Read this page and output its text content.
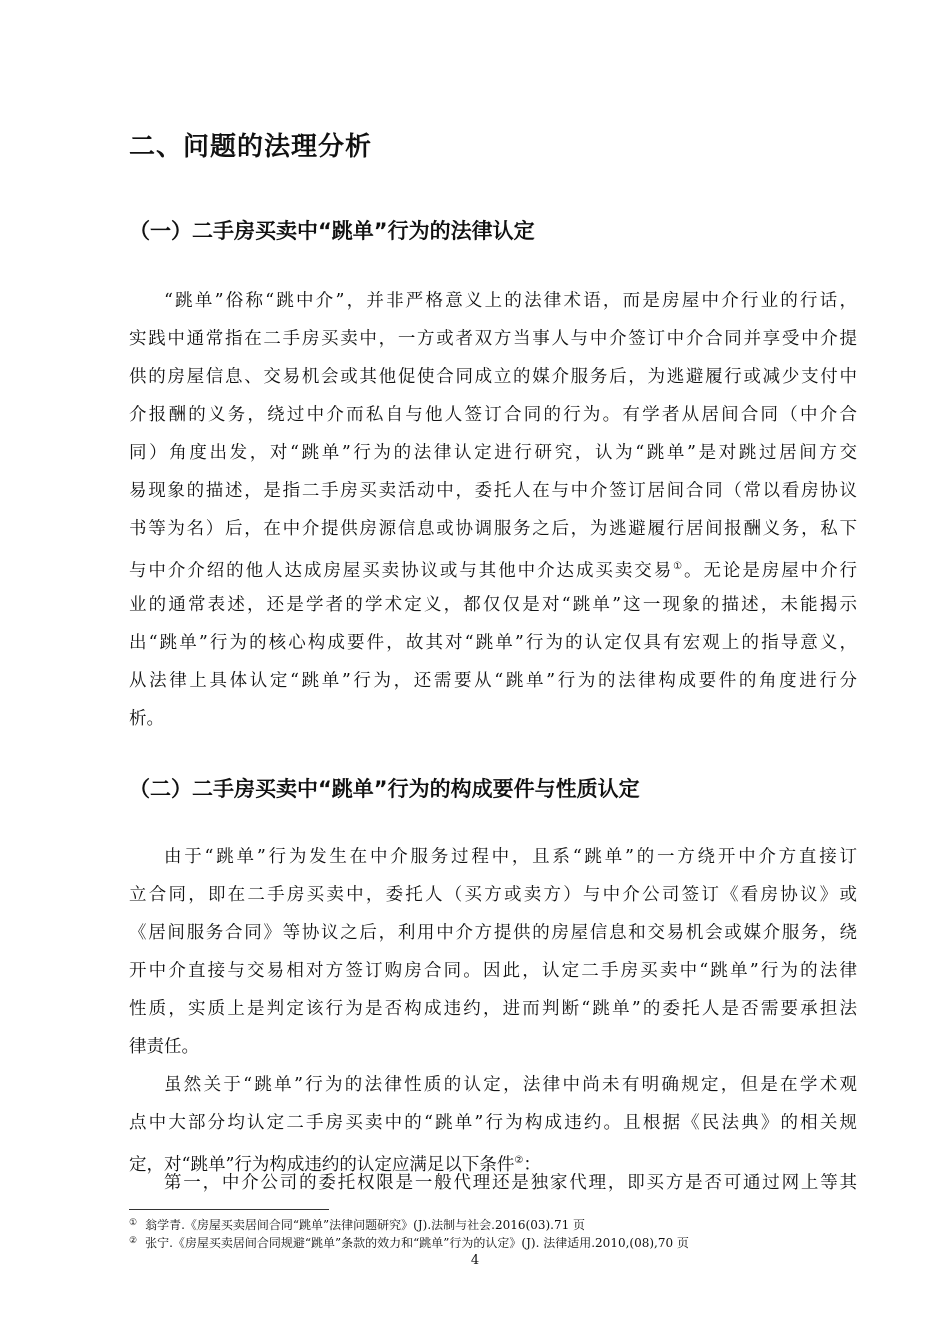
二、问题的法理分析
（一）二手房买卖中“跳单”行为的法律认定
“跳单”俗称“跳中介”，并非严格意义上的法律术语，而是房屋中介行业的行话，
实践中通常指在二手房买卖中，一方或者双方当事人与中介签订中介合同并享受中介提
供的房屋信息、交易机会或其他促使合同成立的媒介服务后，为逃避履行或减少支付中
介报酬的义务，绕过中介而私自与他人签订合同的行为。有学者从居间合同（中介合
同）角度出发，对“跳单”行为的法律认定进行研究，认为“跳单”是对跳过居间方交
易现象的描述，是指二手房买卖活动中，委托人在与中介签订居间合同（常以看房协议
书等为名）后，在中介提供房源信息或协调服务之后，为逃避履行居间报酬义务，私下
与中介介绍的他人达成房屋买卖协议或与其他中介达成买卖交易①。无论是房屋中介行
业的通常表述，还是学者的学术定义，都仅仅是对“跳单”这一现象的描述，未能揭示
出“跳单”行为的核心构成要件，故其对“跳单”行为的认定仅具有宏观上的指导意义，
从法律上具体认定“跳单”行为，还需要从“跳单”行为的法律构成要件的角度进行分
析。
（二）二手房买卖中“跳单”行为的构成要件与性质认定
由于“跳单”行为发生在中介服务过程中，且系“跳单”的一方绕开中介方直接订
立合同，即在二手房买卖中，委托人（买方或卖方）与中介公司签订《看房协议》或
《居间服务合同》等协议之后，利用中介方提供的房屋信息和交易机会或媒介服务，绕
开中介直接与交易相对方签订购房合同。因此，认定二手房买卖中“跳单”行为的法律
性质，实质上是判定该行为是否构成违约，进而判断“跳单”的委托人是否需要承担法
律责任。
虽然关于“跳单”行为的法律性质的认定，法律中尚未有明确规定，但是在学术观
点中大部分均认定二手房买卖中的“跳单”行为构成违约。且根据《民法典》的相关规
定，对“跳单”行为构成违约的认定应满足以下条件②：
第一，中介公司的委托权限是一般代理还是独家代理，即买方是否可通过网上等其
① 翁学青.《房屋买卖居间合同“跳单”法律问题研究》(J).法制与社会.2016(03).71 页
② 张宁.《房屋买卖居间合同规避“跳单”条款的效力和“跳单”行为的认定》(J). 法律适用.2010,(08),70 页
4
